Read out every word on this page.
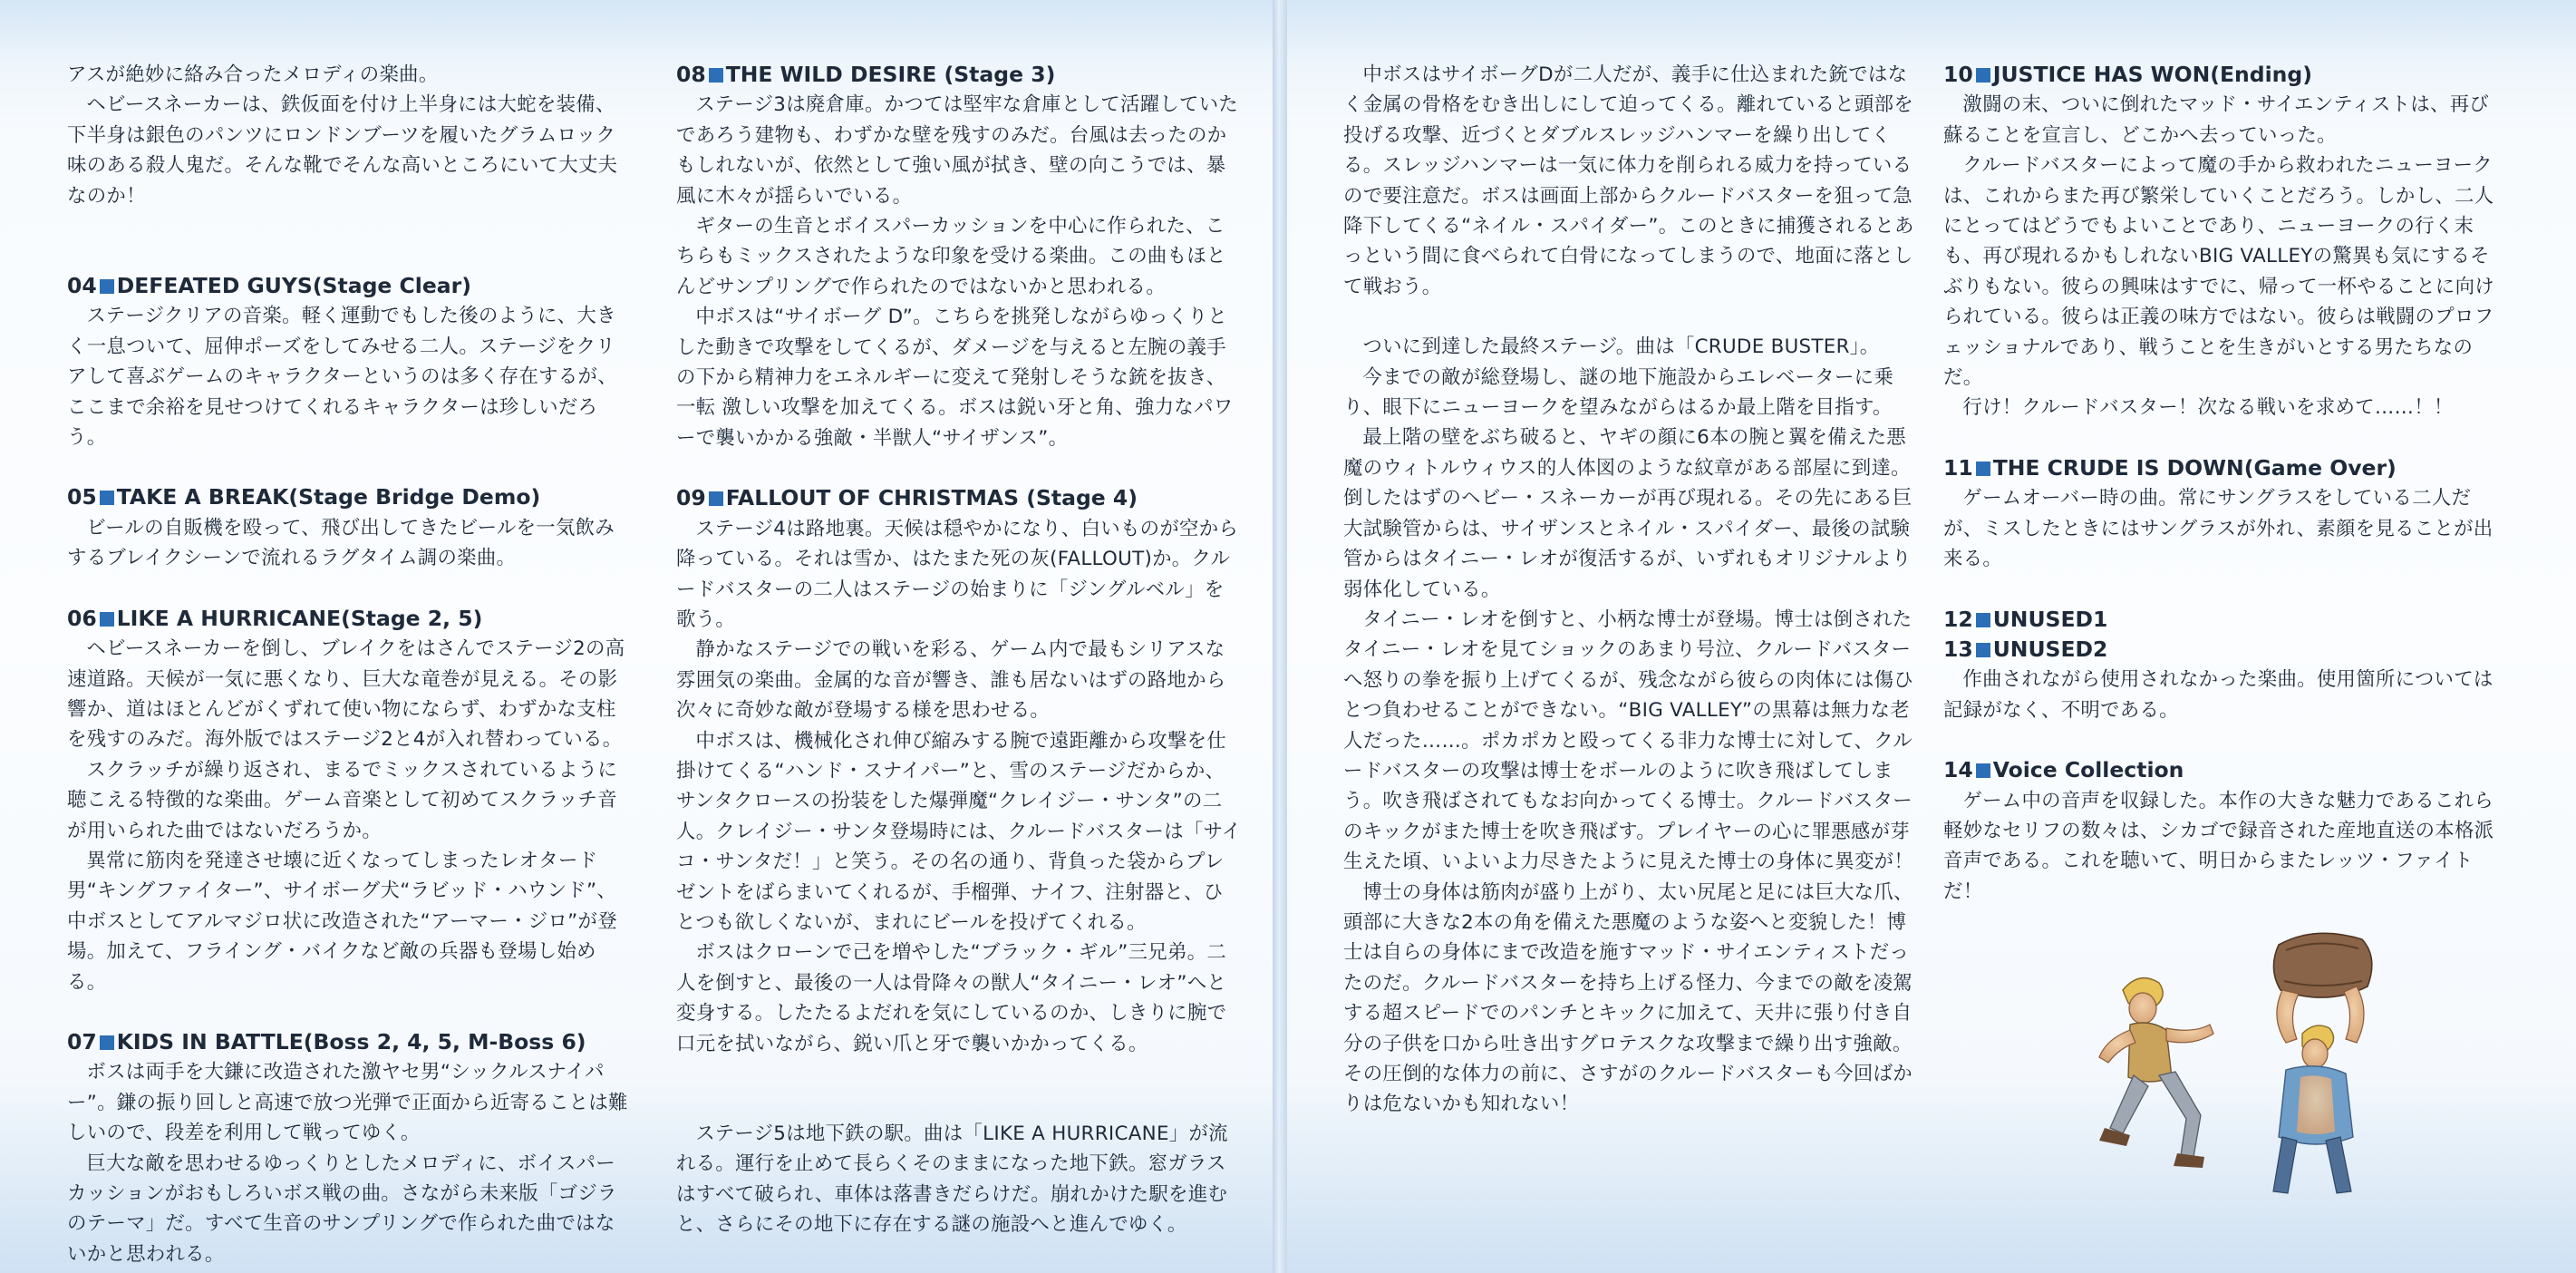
アスが絶妙に絡み合ったメロディの楽曲。

ヘビースネーカーは、鉄仮面を付け上半身には大蛇を装備、下半身は銀色のパンツにロンドンブーツを履いたグラムロック味のある殺人鬼だ。そんな靴でそんな高いところにいて大丈夫なのか！

04 DEFEATED GUYS(Stage Clear)

ステージクリアの音楽。軽く運動でもした後のように、大きく一息ついて、屈伸ポーズをしてみせる二人。ステージをクリアして喜ぶゲームのキャラクターというのは多く存在するが、ここまで余裕を見せつけてくれるキャラクターは珍しいだろう。

05 TAKE A BREAK(Stage Bridge Demo)

ビールの自販機を殴って、飛び出してきたビールを一気飲みするブレイクシーンで流れるラグタイム調の楽曲。

06 LIKE A HURRICANE(Stage 2, 5)

ヘビースネーカーを倒し、ブレイクをはさんでステージ2の高速道路。天候が一気に悪くなり、巨大な竜巻が見える。その影響か、道はほとんどがくずれて使い物にならず、わずかな支柱を残すのみだ。海外版ではステージ2と4が入れ替わっている。

スクラッチが繰り返され、まるでミックスされているように聴こえる特徴的な楽曲。ゲーム音楽として初めてスクラッチ音が用いられた曲ではないだろうか。

異常に筋肉を発達させ壊に近くなってしまったレオタード男“キングファイター”、サイボーグ犬“ラビッド・ハウンド”、中ボスとしてアルマジロ状に改造された“アーマー・ジロ”が登場。加えて、フライング・バイクなど敵の兵器も登場し始める。

07 KIDS IN BATTLE(Boss 2, 4, 5, M-Boss 6)

ボスは両手を大鎌に改造された激ヤセ男“シックルスナイパー”。鎌の振り回しと高速で放つ光弾で正面から近寄ることは難しいので、段差を利用して戦ってゆく。

巨大な敵を思わせるゆっくりとしたメロディに、ボイスパーカッションがおもしろいボス戦の曲。さながら未来版「ゴジラのテーマ」だ。すべて生音のサンプリングで作られた曲ではないかと思われる。

08 THE WILD DESIRE (Stage 3)

ステージ3は廃倉庫。かつては堅牢な倉庫として活躍していたであろう建物も、わずかな壁を残すのみだ。台風は去ったのかもしれないが、依然として強い風が拭き、壁の向こうでは、暴風に木々が揺らいでいる。

ギターの生音とボイスパーカッションを中心に作られた、こちらもミックスされたような印象を受ける楽曲。この曲もほとんどサンプリングで作られたのではないかと思われる。

中ボスは“サイボーグ D”。こちらを挑発しながらゆっくりとした動きで攻撃をしてくるが、ダメージを与えると左腕の義手の下から精神力をエネルギーに変えて発射しそうな銃を抜き、一転 激しい攻撃を加えてくる。ボスは鋭い牙と角、強力なパワーで襲いかかる強敵・半獣人“サイザンス”。

09 FALLOUT OF CHRISTMAS (Stage 4)

ステージ4は路地裏。天候は穏やかになり、白いものが空から降っている。それは雪か、はたまた死の灰(FALLOUT)か。クルードバスターの二人はステージの始まりに「ジングルベル」を歌う。

静かなステージでの戦いを彩る、ゲーム内で最もシリアスな雰囲気の楽曲。金属的な音が響き、誰も居ないはずの路地から次々に奇妙な敵が登場する様を思わせる。

中ボスは、機械化され伸び縮みする腕で遠距離から攻撃を仕掛けてくる“ハンド・スナイパー”と、雪のステージだからか、サンタクロースの扮装をした爆弾魔“クレイジー・サンタ”の二人。クレイジー・サンタ登場時には、クルードバスターは「サイコ・サンタだ！」と笑う。その名の通り、背負った袋からプレゼントをばらまいてくれるが、手榴弾、ナイフ、注射器と、ひとつも欲しくないが、まれにビールを投げてくれる。

ボスはクローンで己を増やした“ブラック・ギル”三兄弟。二人を倒すと、最後の一人は骨降々の獣人“タイニー・レオ”へと変身する。したたるよだれを気にしているのか、しきりに腕で口元を拭いながら、鋭い爪と牙で襲いかかってくる。

ステージ5は地下鉄の駅。曲は「LIKE A HURRICANE」が流れる。運行を止めて長らくそのままになった地下鉄。窓ガラスはすべて破られ、車体は落書きだらけだ。崩れかけた駅を進むと、さらにその地下に存在する謎の施設へと進んでゆく。

中ボスはサイボーグDが二人だが、義手に仕込まれた銃ではなく金属の骨格をむき出しにして迫ってくる。離れていると頭部を投げる攻撃、近づくとダブルスレッジハンマーを繰り出してくる。スレッジハンマーは一気に体力を削られる威力を持っているので要注意だ。ボスは画面上部からクルードバスターを狙って急降下してくる“ネイル・スパイダー”。このときに捕獲されるとあっという間に食べられて白骨になってしまうので、地面に落として戦おう。

ついに到達した最終ステージ。曲は「CRUDE BUSTER」。

今までの敵が総登場し、謎の地下施設からエレベーターに乗り、眼下にニューヨークを望みながらはるか最上階を目指す。

最上階の壁をぶち破ると、ヤギの顔に6本の腕と翼を備えた悪魔のウィトルウィウス的人体図のような紋章がある部屋に到達。倒したはずのヘビー・スネーカーが再び現れる。その先にある巨大試験管からは、サイザンスとネイル・スパイダー、最後の試験管からはタイニー・レオが復活するが、いずれもオリジナルより弱体化している。

タイニー・レオを倒すと、小柄な博士が登場。博士は倒されたタイニー・レオを見てショックのあまり号泣、クルードバスターへ怒りの拳を振り上げてくるが、残念ながら彼らの肉体には傷ひとつ負わせることができない。“BIG VALLEY”の黒幕は無力な老人だった……。ポカポカと殴ってくる非力な博士に対して、クルードバスターの攻撃は博士をボールのように吹き飛ばしてしまう。吹き飛ばされてもなお向かってくる博士。クルードバスターのキックがまた博士を吹き飛ばす。プレイヤーの心に罪悪感が芽生えた頃、いよいよ力尽きたように見えた博士の身体に異変が！

博士の身体は筋肉が盛り上がり、太い尻尾と足には巨大な爪、頭部に大きな2本の角を備えた悪魔のような姿へと変貌した！博士は自らの身体にまで改造を施すマッド・サイエンティストだったのだ。クルードバスターを持ち上げる怪力、今までの敵を凌駕する超スピードでのパンチとキックに加えて、天井に張り付き自分の子供を口から吐き出すグロテスクな攻撃まで繰り出す強敵。その圧倒的な体力の前に、さすがのクルードバスターも今回ばかりは危ないかも知れない！

10 JUSTICE HAS WON(Ending)

激闘の末、ついに倒れたマッド・サイエンティストは、再び蘇ることを宣言し、どこかへ去っていった。

クルードバスターによって魔の手から救われたニューヨークは、これからまた再び繁栄していくことだろう。しかし、二人にとってはどうでもよいことであり、ニューヨークの行く末も、再び現れるかもしれないBIG VALLEYの驚異も気にするそぶりもない。彼らの興味はすでに、帰って一杯やることに向けられている。彼らは正義の味方ではない。彼らは戦闘のプロフェッショナルであり、戦うことを生きがいとする男たちなのだ。

行け！クルードバスター！次なる戦いを求めて……！！

11 THE CRUDE IS DOWN(Game Over)

ゲームオーバー時の曲。常にサングラスをしている二人だが、ミスしたときにはサングラスが外れ、素顔を見ることが出来る。

12 UNUSED1
13 UNUSED2

作曲されながら使用されなかった楽曲。使用箇所については記録がなく、不明である。

14 Voice Collection

ゲーム中の音声を収録した。本作の大きな魅力であるこれら軽妙なセリフの数々は、シカゴで録音された産地直送の本格派音声である。これを聴いて、明日からまたレッツ・ファイトだ！
